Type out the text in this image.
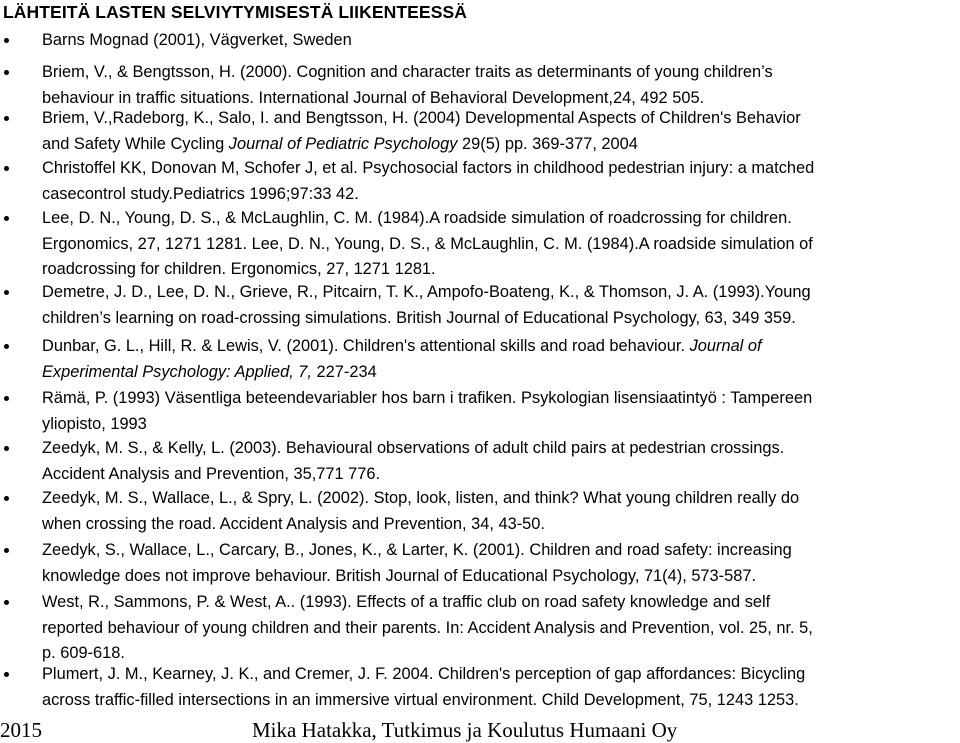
LÄHTEITÄ LASTEN SELVIYTYMISESTÄ LIIKENTEESSÄ
Barns Mognad (2001), Vägverket, Sweden
Briem, V., & Bengtsson, H. (2000). Cognition and character traits as determinants of young children’s
behaviour in traffic situations. International Journal of Behavioral Development,24, 492 505.
Briem, V.,Radeborg, K., Salo, I. and Bengtsson, H. (2004) Developmental Aspects of Children's Behavior
and Safety While Cycling Journal of Pediatric Psychology 29(5) pp. 369-377, 2004
Christoffel KK, Donovan M, Schofer J, et al. Psychosocial factors in childhood pedestrian injury: a matched
casecontrol study.Pediatrics 1996;97:33 42.
Lee, D. N., Young, D. S., & McLaughlin, C. M. (1984).A roadside simulation of roadcrossing for children.
Ergonomics, 27, 1271 1281. Lee, D. N., Young, D. S., & McLaughlin, C. M. (1984).A roadside simulation of
roadcrossing for children. Ergonomics, 27, 1271 1281.
Demetre, J. D., Lee, D. N., Grieve, R., Pitcairn, T. K., Ampofo-Boateng, K., & Thomson, J. A. (1993).Young
children’s learning on road-crossing simulations. British Journal of Educational Psychology, 63, 349 359.
Dunbar, G. L., Hill, R. & Lewis, V. (2001). Children's attentional skills and road behaviour. Journal of
Experimental Psychology: Applied, 7, 227-234
Rämä, P. (1993) Väsentliga beteendevariabler hos barn i trafiken. Psykologian lisensiaatintyö : Tampereen
yliopisto, 1993
Zeedyk, M. S., & Kelly, L. (2003). Behavioural observations of adult child pairs at pedestrian crossings.
Accident Analysis and Prevention, 35,771 776.
Zeedyk, M. S., Wallace, L., & Spry, L. (2002). Stop, look, listen, and think? What young children really do
when crossing the road. Accident Analysis and Prevention, 34, 43-50.
Zeedyk, S., Wallace, L., Carcary, B., Jones, K., & Larter, K. (2001). Children and road safety: increasing
knowledge does not improve behaviour. British Journal of Educational Psychology, 71(4), 573-587.
West, R., Sammons, P. & West, A.. (1993). Effects of a traffic club on road safety knowledge and self
reported behaviour of young children and their parents. In: Accident Analysis and Prevention, vol. 25, nr. 5,
p. 609-618.
Plumert, J. M., Kearney, J. K., and Cremer, J. F. 2004. Children's perception of gap affordances: Bicycling
across traffic-filled intersections in an immersive virtual environment. Child Development, 75, 1243 1253.
2015	Mika Hatakka, Tutkimus ja Koulutus Humaani Oy
